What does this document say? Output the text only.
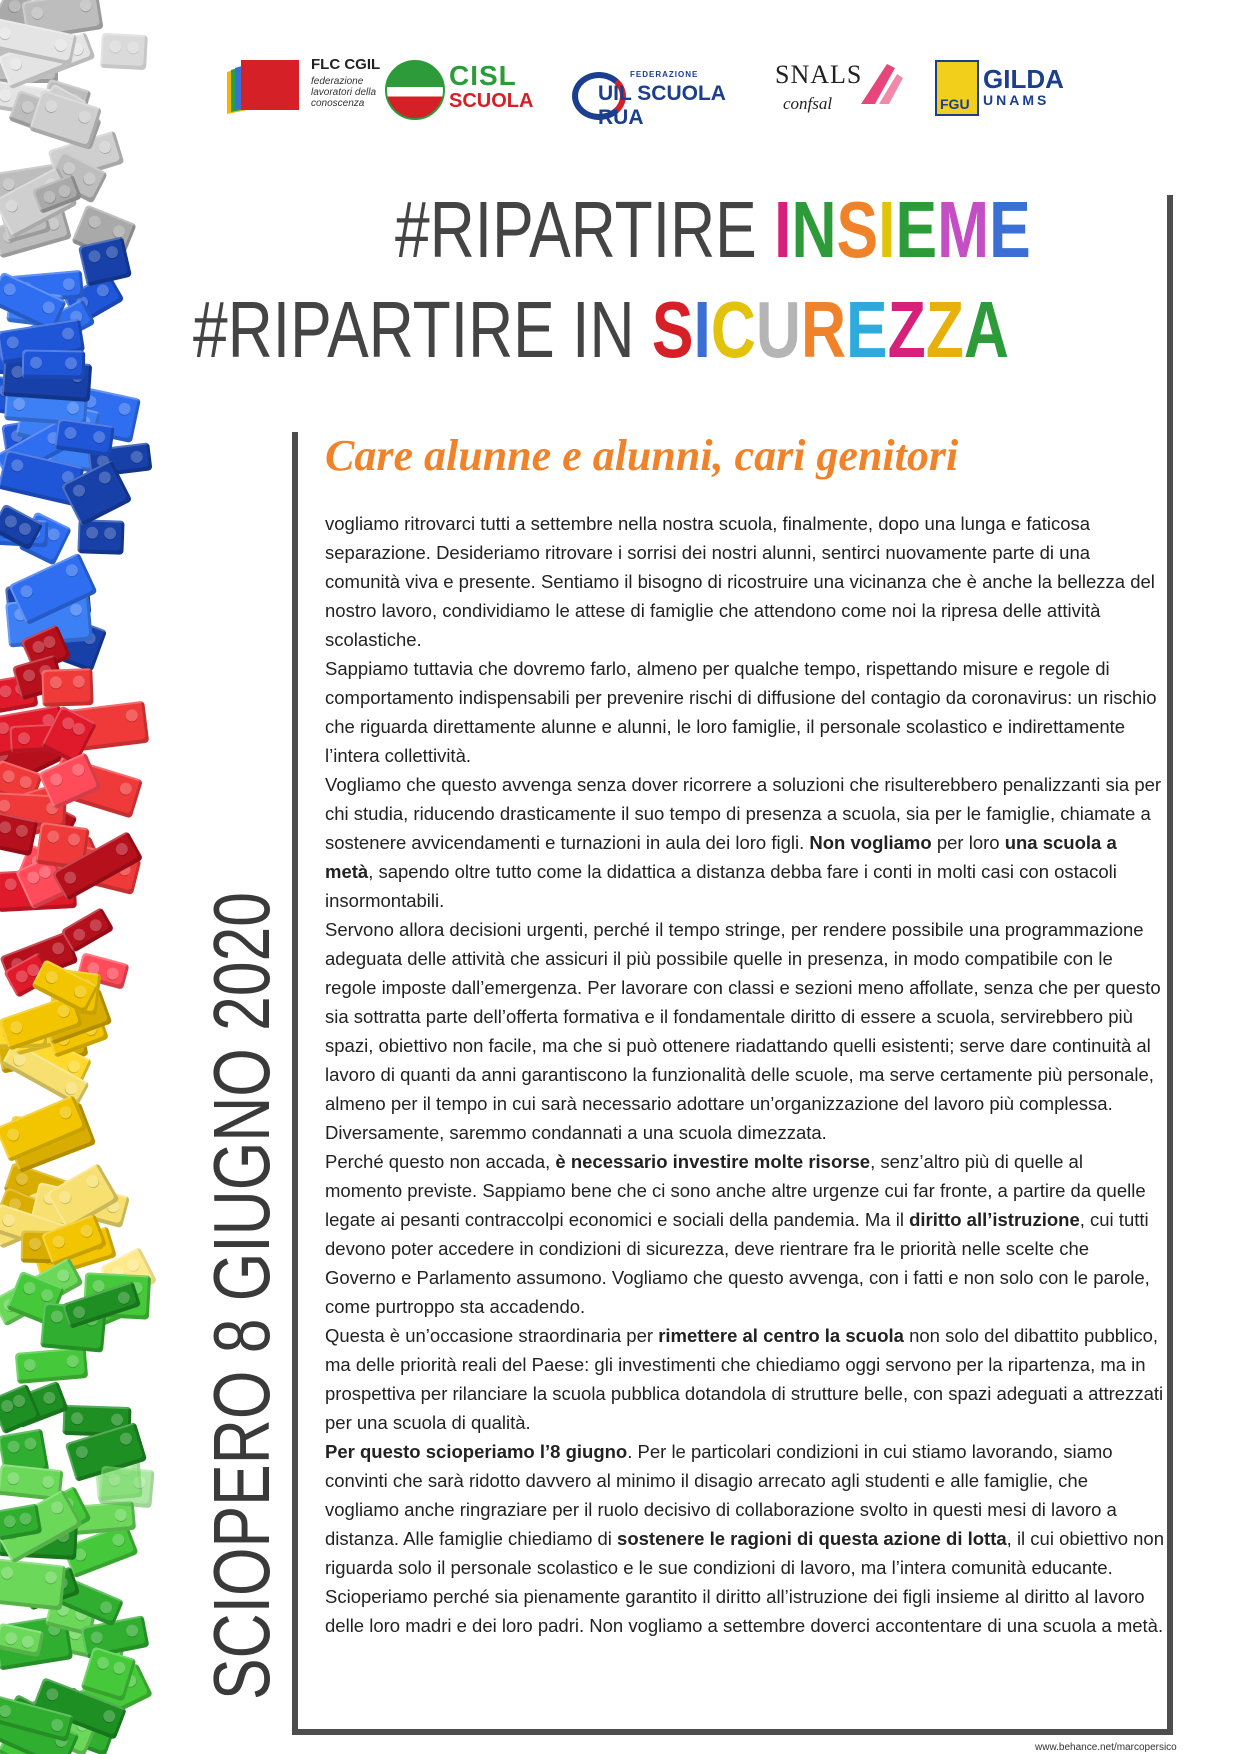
FLC CGIL
federazione lavoratori della conoscenza
CISL
SCUOLA
FEDERAZIONE
UIL SCUOLA RUA
SNALS
confsal	FGU
GILDA
UNAMS
#RIPARTIRE INSIEME
#RIPARTIRE IN SICUREZZA
Care alunne e alunni, cari genitori

vogliamo ritrovarci tutti a settembre nella nostra scuola, finalmente, dopo una lunga e faticosa separazione. Desideriamo ritrovare i sorrisi dei nostri alunni, sentirci nuovamente parte di una comunità viva e presente. Sentiamo il bisogno di ricostruire una vicinanza che è anche la bellezza del nostro lavoro, condividiamo le attese di famiglie che attendono come noi la ripresa delle attività scolastiche.

Sappiamo tuttavia che dovremo farlo, almeno per qualche tempo, rispettando misure e regole di comportamento indispensabili per prevenire rischi di diffusione del contagio da coronavirus: un rischio che riguarda direttamente alunne e alunni, le loro famiglie, il personale scolastico e indirettamente l’intera collettività.

Vogliamo che questo avvenga senza dover ricorrere a soluzioni che risulterebbero penalizzanti sia per chi studia, riducendo drasticamente il suo tempo di presenza a scuola, sia per le famiglie, chiamate a sostenere avvicendamenti e turnazioni in aula dei loro figli. Non vogliamo per loro una scuola a metà, sapendo oltre tutto come la didattica a distanza debba fare i conti in molti casi con ostacoli insormontabili.

Servono allora decisioni urgenti, perché il tempo stringe, per rendere possibile una programmazione adeguata delle attività che assicuri il più possibile quelle in presenza, in modo compatibile con le regole imposte dall’emergenza. Per lavorare con classi e sezioni meno affollate, senza che per questo sia sottratta parte dell’offerta formativa e il fondamentale diritto di essere a scuola, servirebbero più spazi, obiettivo non facile, ma che si può ottenere riadattando quelli esistenti; serve dare continuità al lavoro di quanti da anni garantiscono la funzionalità delle scuole, ma serve certamente più personale, almeno per il tempo in cui sarà necessario adottare un’organizzazione del lavoro più complessa. Diversamente, saremmo condannati a una scuola dimezzata.

Perché questo non accada, è necessario investire molte risorse, senz’altro più di quelle al momento previste. Sappiamo bene che ci sono anche altre urgenze cui far fronte, a partire da quelle legate ai pesanti contraccolpi economici e sociali della pandemia. Ma il diritto all’istruzione, cui tutti devono poter accedere in condizioni di sicurezza, deve rientrare fra le priorità nelle scelte che Governo e Parlamento assumono. Vogliamo che questo avvenga, con i fatti e non solo con le parole, come purtroppo sta accadendo.

Questa è un’occasione straordinaria per rimettere al centro la scuola non solo del dibattito pubblico, ma delle priorità reali del Paese: gli investimenti che chiediamo oggi servono per la ripartenza, ma in prospettiva per rilanciare la scuola pubblica dotandola di strutture belle, con spazi adeguati a attrezzati per una scuola di qualità.

Per questo scioperiamo l’8 giugno. Per le particolari condizioni in cui stiamo lavorando, siamo convinti che sarà ridotto davvero al minimo il disagio arrecato agli studenti e alle famiglie, che vogliamo anche ringraziare per il ruolo decisivo di collaborazione svolto in questi mesi di lavoro a distanza. Alle famiglie chiediamo di sostenere le ragioni di questa azione di lotta, il cui obiettivo non riguarda solo il personale scolastico e le sue condizioni di lavoro, ma l’intera comunità educante. Scioperiamo perché sia pienamente garantito il diritto all’istruzione dei figli insieme al diritto al lavoro delle loro madri e dei loro padri. Non vogliamo a settembre doverci accontentare di una scuola a metà.

SCIOPERO 8 GIUGNO 2020
www.behance.net/marcopersico
